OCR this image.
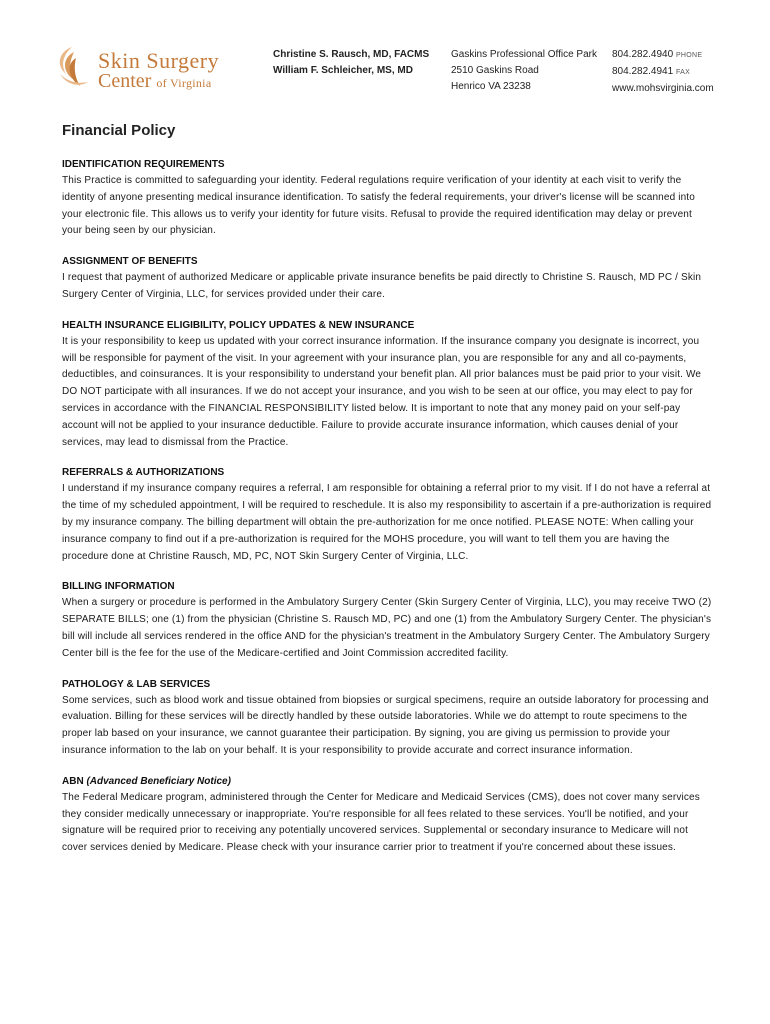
Skin Surgery
Center of Virginia
Christine S. Rausch, MD, FACMS
William F. Schleicher, MS, MD
Gaskins Professional Office Park
2510 Gaskins Road
Henrico VA 23238
804.282.4940 PHONE
804.282.4941 FAX
www.mohsvirginia.com
Financial Policy
IDENTIFICATION REQUIREMENTS
This Practice is committed to safeguarding your identity. Federal regulations require verification of your identity at each visit to verify the identity of anyone presenting medical insurance identification. To satisfy the federal requirements, your driver's license will be scanned into your electronic file. This allows us to verify your identity for future visits. Refusal to provide the required identification may delay or prevent your being seen by our physician.
ASSIGNMENT OF BENEFITS
I request that payment of authorized Medicare or applicable private insurance benefits be paid directly to Christine S. Rausch, MD PC / Skin Surgery Center of Virginia, LLC, for services provided under their care.
HEALTH INSURANCE ELIGIBILITY, POLICY UPDATES & NEW INSURANCE
It is your responsibility to keep us updated with your correct insurance information. If the insurance company you designate is incorrect, you will be responsible for payment of the visit. In your agreement with your insurance plan, you are responsible for any and all co-payments, deductibles, and coinsurances. It is your responsibility to understand your benefit plan. All prior balances must be paid prior to your visit. We DO NOT participate with all insurances. If we do not accept your insurance, and you wish to be seen at our office, you may elect to pay for services in accordance with the FINANCIAL RESPONSIBILITY listed below. It is important to note that any money paid on your self-pay account will not be applied to your insurance deductible. Failure to provide accurate insurance information, which causes denial of your services, may lead to dismissal from the Practice.
REFERRALS & AUTHORIZATIONS
I understand if my insurance company requires a referral, I am responsible for obtaining a referral prior to my visit. If I do not have a referral at the time of my scheduled appointment, I will be required to reschedule. It is also my responsibility to ascertain if a pre-authorization is required by my insurance company. The billing department will obtain the pre-authorization for me once notified. PLEASE NOTE: When calling your insurance company to find out if a pre-authorization is required for the MOHS procedure, you will want to tell them you are having the procedure done at Christine Rausch, MD, PC, NOT Skin Surgery Center of Virginia, LLC.
BILLING INFORMATION
When a surgery or procedure is performed in the Ambulatory Surgery Center (Skin Surgery Center of Virginia, LLC), you may receive TWO (2) SEPARATE BILLS; one (1) from the physician (Christine S. Rausch MD, PC) and one (1) from the Ambulatory Surgery Center. The physician's bill will include all services rendered in the office AND for the physician's treatment in the Ambulatory Surgery Center. The Ambulatory Surgery Center bill is the fee for the use of the Medicare-certified and Joint Commission accredited facility.
PATHOLOGY & LAB SERVICES
Some services, such as blood work and tissue obtained from biopsies or surgical specimens, require an outside laboratory for processing and evaluation. Billing for these services will be directly handled by these outside laboratories. While we do attempt to route specimens to the proper lab based on your insurance, we cannot guarantee their participation. By signing, you are giving us permission to provide your insurance information to the lab on your behalf. It is your responsibility to provide accurate and correct insurance information.
ABN (Advanced Beneficiary Notice)
The Federal Medicare program, administered through the Center for Medicare and Medicaid Services (CMS), does not cover many services they consider medically unnecessary or inappropriate. You're responsible for all fees related to these services. You'll be notified, and your signature will be required prior to receiving any potentially uncovered services. Supplemental or secondary insurance to Medicare will not cover services denied by Medicare. Please check with your insurance carrier prior to treatment if you're concerned about these issues.
